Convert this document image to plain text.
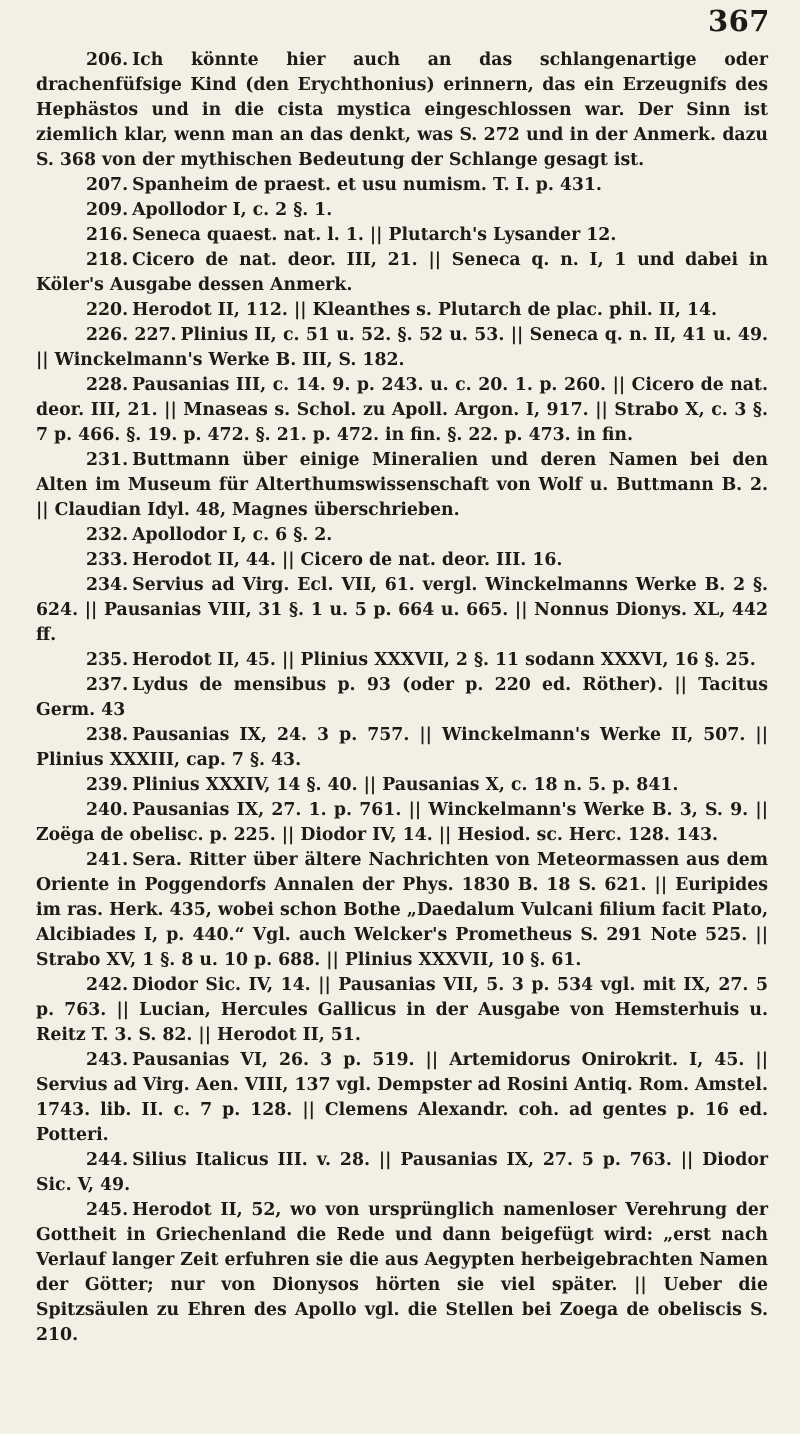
367

206. Ich könnte hier auch an das schlangenartige oder drachenfüfsige Kind (den Erychthonius) erinnern, das ein Erzeugnifs des Hephästos und in die cista mystica eingeschlossen war. Der Sinn ist ziemlich klar, wenn man an das denkt, was S. 272 und in der Anmerk. dazu S. 368 von der mythischen Bedeutung der Schlange gesagt ist.

207. Spanheim de praest. et usu numism. T. I. p. 431.

209. Apollodor I, c. 2 §. 1.

216. Seneca quaest. nat. l. 1. || Plutarch's Lysander 12.

218. Cicero de nat. deor. III, 21. || Seneca q. n. I, 1 und dabei in Köler's Ausgabe dessen Anmerk.

220. Herodot II, 112. || Kleanthes s. Plutarch de plac. phil. II, 14.

226. 227. Plinius II, c. 51 u. 52. §. 52 u. 53. || Seneca q. n. II, 41 u. 49. || Winckelmann's Werke B. III, S. 182.

228. Pausanias III, c. 14. 9. p. 243. u. c. 20. 1. p. 260. || Cicero de nat. deor. III, 21. || Mnaseas s. Schol. zu Apoll. Argon. I, 917. || Strabo X, c. 3 §. 7 p. 466. §. 19. p. 472. §. 21. p. 472. in fin. §. 22. p. 473. in fin.

231. Buttmann über einige Mineralien und deren Namen bei den Alten im Museum für Alterthumswissenschaft von Wolf u. Buttmann B. 2. || Claudian Idyl. 48, Magnes überschrieben.

232. Apollodor I, c. 6 §. 2.

233. Herodot II, 44. || Cicero de nat. deor. III. 16.

234. Servius ad Virg. Ecl. VII, 61. vergl. Winckelmanns Werke B. 2 §. 624. || Pausanias VIII, 31 §. 1 u. 5 p. 664 u. 665. || Nonnus Dionys. XL, 442 ff.

235. Herodot II, 45. || Plinius XXXVII, 2 §. 11 sodann XXXVI, 16 §. 25.

237. Lydus de mensibus p. 93 (oder p. 220 ed. Röther). || Tacitus Germ. 43

238. Pausanias IX, 24. 3 p. 757. || Winckelmann's Werke II, 507. || Plinius XXXIII, cap. 7 §. 43.

239. Plinius XXXIV, 14 §. 40. || Pausanias X, c. 18 n. 5. p. 841.

240. Pausanias IX, 27. 1. p. 761. || Winckelmann's Werke B. 3, S. 9. || Zoëga de obelisc. p. 225. || Diodor IV, 14. || Hesiod. sc. Herc. 128. 143.

241. Sera. Ritter über ältere Nachrichten von Meteormassen aus dem Oriente in Poggendorfs Annalen der Phys. 1830 B. 18 S. 621. || Euripides im ras. Herk. 435, wobei schon Bothe „Daedalum Vulcani filium facit Plato, Alcibiades I, p. 440.“ Vgl. auch Welcker's Prometheus S. 291 Note 525. || Strabo XV, 1 §. 8 u. 10 p. 688. || Plinius XXXVII, 10 §. 61.

242. Diodor Sic. IV, 14. || Pausanias VII, 5. 3 p. 534 vgl. mit IX, 27. 5 p. 763. || Lucian, Hercules Gallicus in der Ausgabe von Hemsterhuis u. Reitz T. 3. S. 82. || Herodot II, 51.

243. Pausanias VI, 26. 3 p. 519. || Artemidorus Onirokrit. I, 45. || Servius ad Virg. Aen. VIII, 137 vgl. Dempster ad Rosini Antiq. Rom. Amstel. 1743. lib. II. c. 7 p. 128. || Clemens Alexandr. coh. ad gentes p. 16 ed. Potteri.

244. Silius Italicus III. v. 28. || Pausanias IX, 27. 5 p. 763. || Diodor Sic. V, 49.

245. Herodot II, 52, wo von ursprünglich namenloser Verehrung der Gottheit in Griechenland die Rede und dann beigefügt wird: „erst nach Verlauf langer Zeit erfuhren sie die aus Aegypten herbeigebrachten Namen der Götter; nur von Dionysos hörten sie viel später. || Ueber die Spitzsäulen zu Ehren des Apollo vgl. die Stellen bei Zoega de obeliscis S. 210.
